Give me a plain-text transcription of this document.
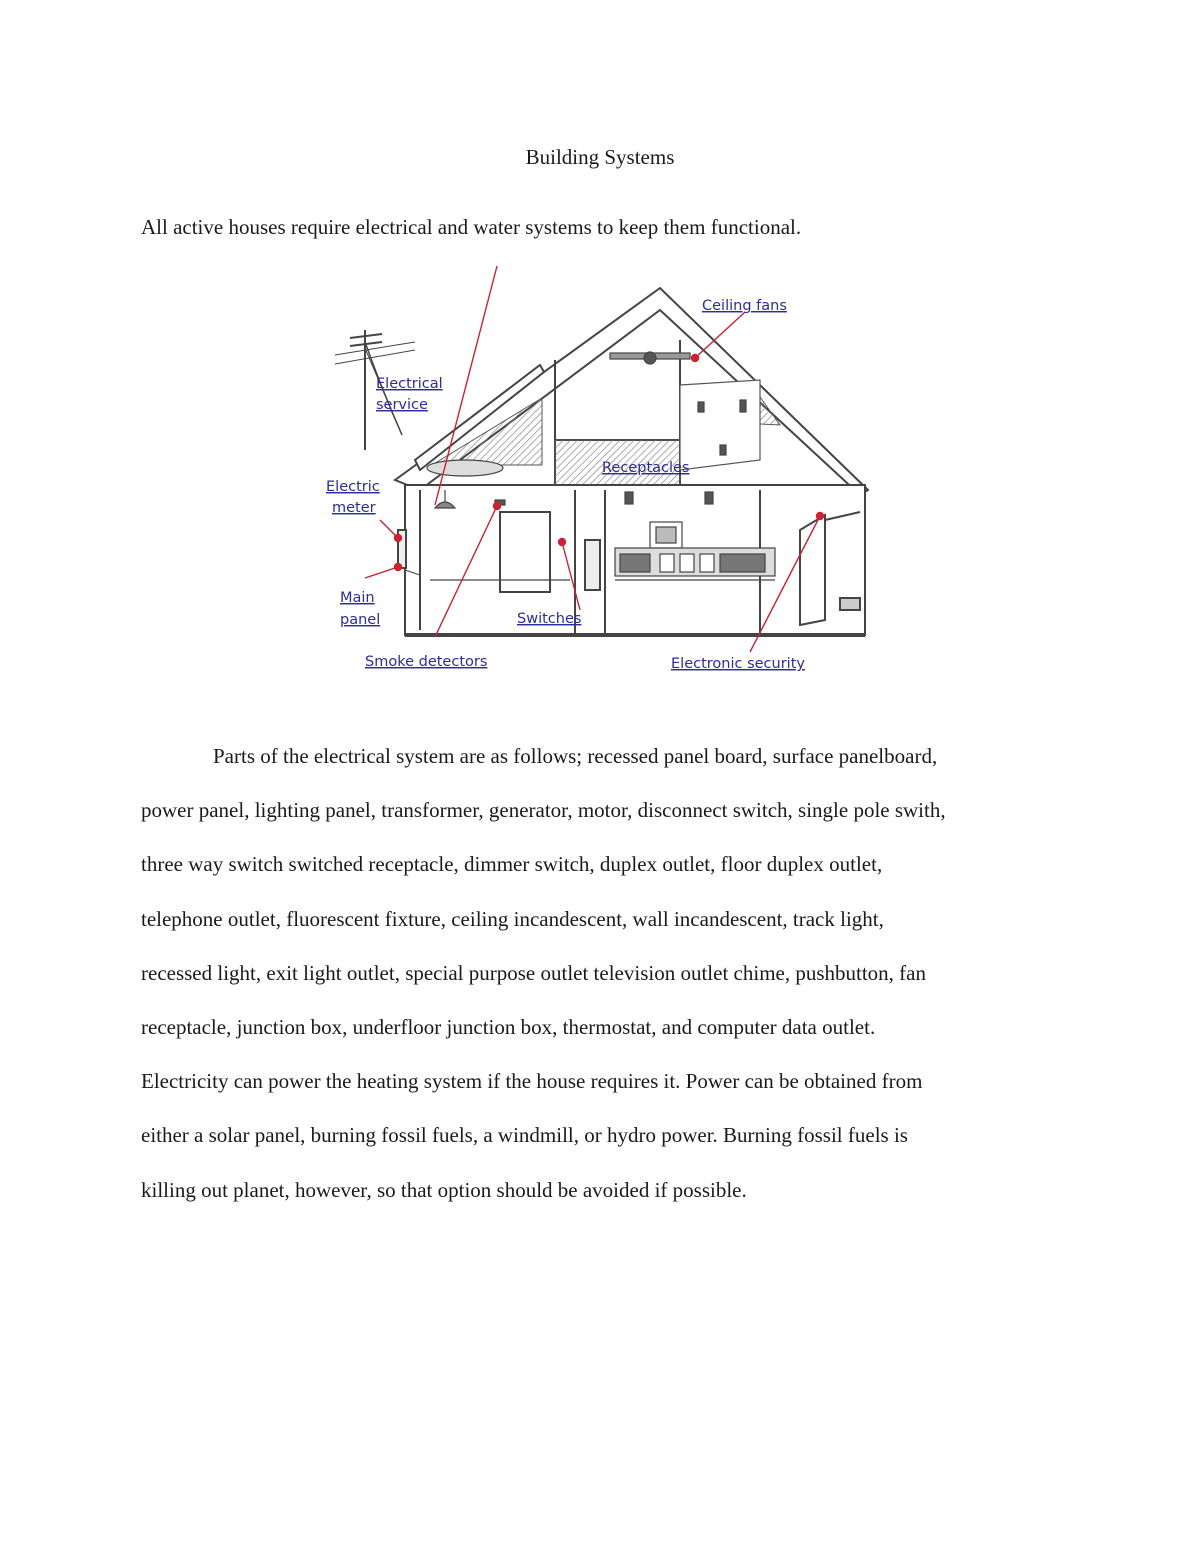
Building Systems
All active houses require electrical and water systems to keep them functional.
Ceiling fans
Electrical
service
Receptacles
Electric
meter
Main
panel	Switches
Smoke detectors	Electronic security
Parts of the electrical system are as follows; recessed panel board, surface panelboard,
power panel, lighting panel, transformer, generator, motor, disconnect switch, single pole swith,
three way switch switched receptacle, dimmer switch, duplex outlet, floor duplex outlet,
telephone outlet, fluorescent fixture, ceiling incandescent, wall incandescent, track light,
recessed light, exit light outlet, special purpose outlet television outlet chime, pushbutton, fan
receptacle, junction box, underfloor junction box, thermostat, and computer data outlet.
Electricity can power the heating system if the house requires it. Power can be obtained from
either a solar panel, burning fossil fuels, a windmill, or hydro power. Burning fossil fuels is
killing out planet, however, so that option should be avoided if possible.
